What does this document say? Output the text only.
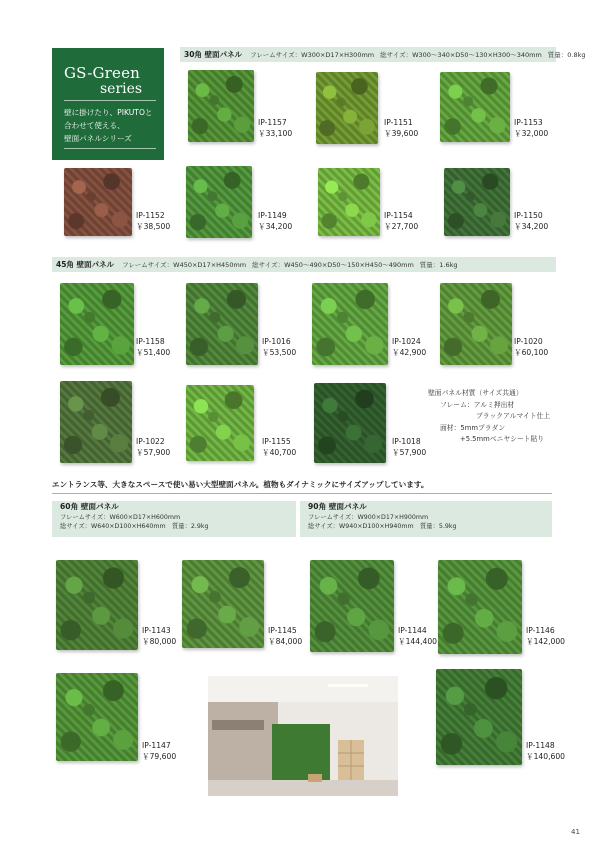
GS-Green
series
壁に掛けたり、PIKUTOと
合わせて使える、
壁面パネルシリーズ
30角 壁面パネル フレームサイズ：W300×D17×H300mm 総サイズ：W300〜340×D50〜130×H300〜340mm 質量：0.8kg
45角 壁面パネル フレームサイズ：W450×D17×H450mm 総サイズ：W450〜490×D50〜150×H450〜490mm 質量：1.6kg
IP-1157
￥33,100
IP-1151
￥39,600
IP-1153
￥32,000
IP-1152
￥38,500
IP-1149
￥34,200
IP-1154
￥27,700
IP-1150
￥34,200
IP-1158
￥51,400
IP-1016
￥53,500
IP-1024
￥42,900
IP-1020
￥60,100
IP-1022
￥57,900
IP-1155
￥40,700
IP-1018
￥57,900
IP-1143
￥80,000
IP-1145
￥84,000
IP-1144
￥144,400
IP-1146
￥142,000
IP-1147
￥79,600
IP-1148
￥140,600
壁面パネル材質（サイズ共通）
フレーム：アルミ押出材
ブラックアルマイト仕上
面材：5mmプラダン
+5.5mmベニヤシート貼り
エントランス等、大きなスペースで使い易い大型壁面パネル。植物もダイナミックにサイズアップしています。
60角 壁面パネル
フレームサイズ：W600×D17×H600mm
総サイズ：W640×D100×H640mm　 質量：2.9kg
90角 壁面パネル
フレームサイズ：W900×D17×H900mm
総サイズ：W940×D100×H940mm　 質量：5.9kg
41
